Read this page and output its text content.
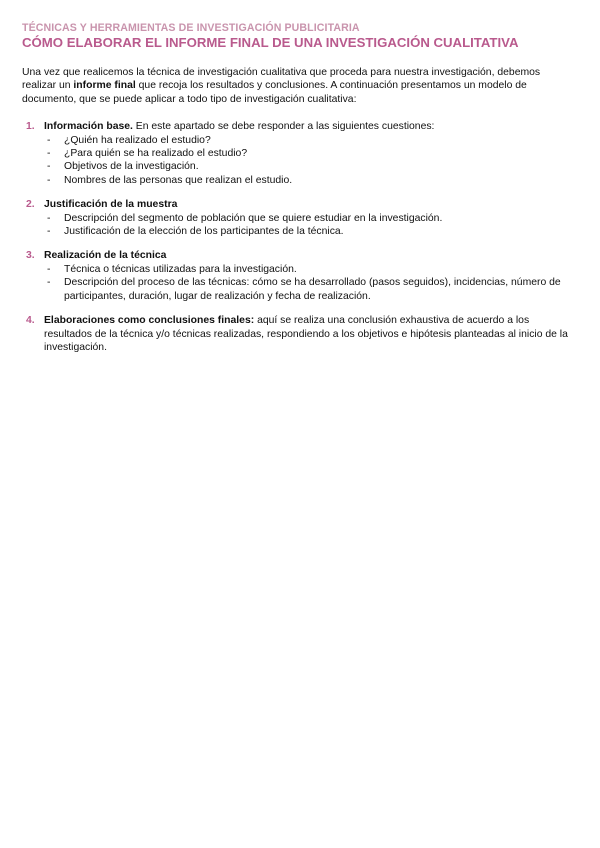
TÉCNICAS Y HERRAMIENTAS DE INVESTIGACIÓN PUBLICITARIA

CÓMO ELABORAR EL INFORME FINAL DE UNA INVESTIGACIÓN CUALITATIVA
Una vez que realicemos la técnica de investigación cualitativa que proceda para nuestra investigación, debemos realizar un informe final que recoja los resultados y conclusiones. A continuación presentamos un modelo de documento, que se puede aplicar a todo tipo de investigación cualitativa:
1. Información base. En este apartado se debe responder a las siguientes cuestiones:
- ¿Quién ha realizado el estudio?
- ¿Para quién se ha realizado el estudio?
- Objetivos de la investigación.
- Nombres de las personas que realizan el estudio.
2. Justificación de la muestra
- Descripción del segmento de población que se quiere estudiar en la investigación.
- Justificación de la elección de los participantes de la técnica.
3. Realización de la técnica
- Técnica o técnicas utilizadas para la investigación.
- Descripción del proceso de las técnicas: cómo se ha desarrollado (pasos seguidos), incidencias, número de participantes, duración, lugar de realización y fecha de realización.
4. Elaboraciones como conclusiones finales: aquí se realiza una conclusión exhaustiva de acuerdo a los resultados de la técnica y/o técnicas realizadas, respondiendo a los objetivos e hipótesis planteadas al inicio de la investigación.
